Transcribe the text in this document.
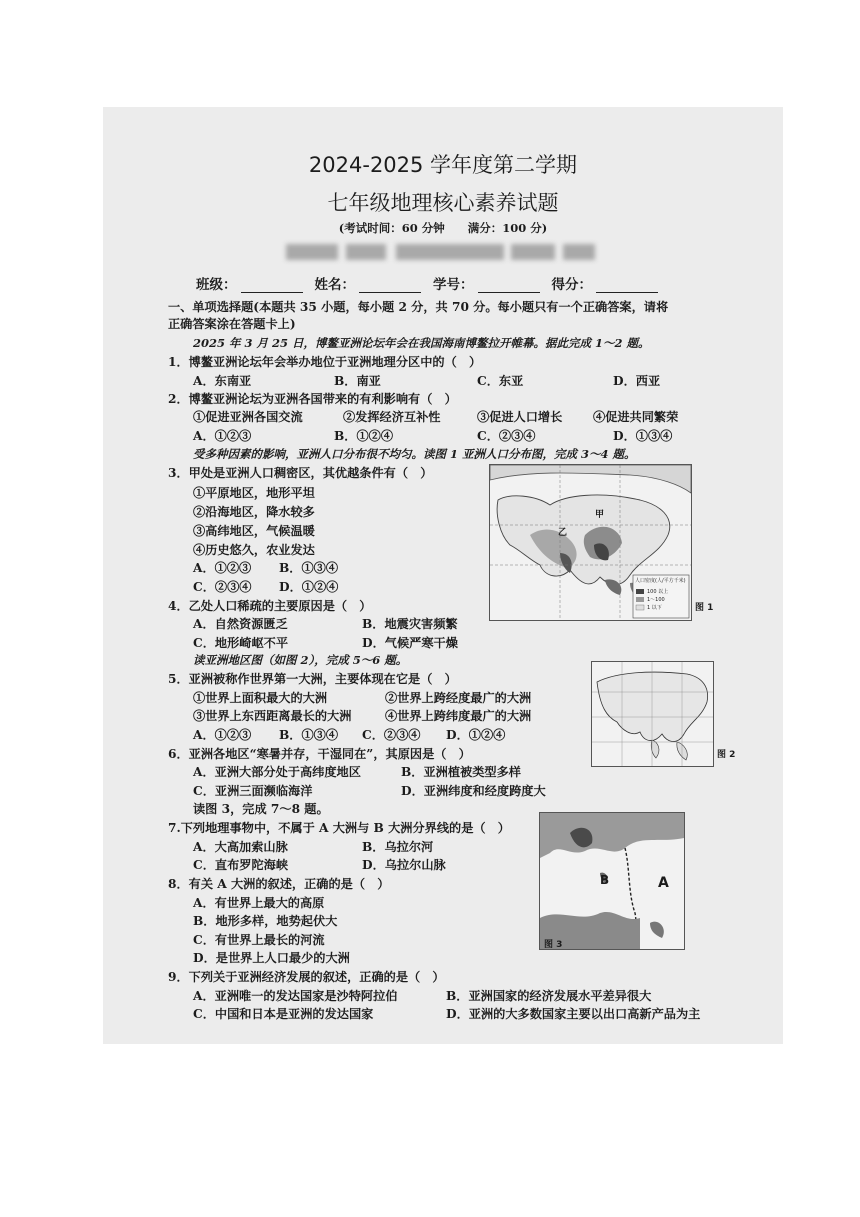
2024-2025 学年度第二学期
七年级地理核心素养试题
(考试时间：60 分钟　　满分：100 分)
班级：	姓名：	学号：	得分：
一、单项选择题(本题共 35 小题，每小题 2 分，共 70 分。每小题只有一个正确答案，请将
正确答案涂在答题卡上)
2025 年 3 月 25 日，博鳌亚洲论坛年会在我国海南博鳌拉开帷幕。据此完成 1～2 题。
1．博鳌亚洲论坛年会举办地位于亚洲地理分区中的（　）
A．东南亚	B．南亚	C．东亚	D．西亚
2．博鳌亚洲论坛为亚洲各国带来的有利影响有（　）
①促进亚洲各国交流	②发挥经济互补性	③促进人口增长	④促进共同繁荣
A．①②③	B．①②④	C．②③④	D．①③④
受多种因素的影响，亚洲人口分布很不均匀。读图 1 亚洲人口分布图，完成 3～4 题。
3．甲处是亚洲人口稠密区，其优越条件有（　）
①平原地区，地形平坦
②沿海地区，降水较多
③高纬地区，气候温暖
④历史悠久，农业发达
A．①②③ B．①③④
C．②③④ D．①②④
4．乙处人口稀疏的主要原因是（　）
A．自然资源匮乏	B．地震灾害频繁
C．地形崎岖不平	D．气候严寒干燥
读亚洲地区图（如图 2），完成 5～6 题。
5．亚洲被称作世界第一大洲，主要体现在它是（　）
①世界上面积最大的大洲	②世界上跨经度最广的大洲
③世界上东西距离最长的大洲	④世界上跨纬度最广的大洲
A．①②③ B．①③④ C．②③④ D．①②④
6．亚洲各地区“寒暑并存，干湿同在”，其原因是（　）
A．亚洲大部分处于高纬度地区	B．亚洲植被类型多样
C．亚洲三面濒临海洋	D．亚洲纬度和经度跨度大
读图 3，完成 7～8 题。
7.下列地理事物中，不属于 A 大洲与 B 大洲分界线的是（　）
A．大高加索山脉	B．乌拉尔河
C．直布罗陀海峡	D．乌拉尔山脉
8．有关 A 大洲的叙述，正确的是（　）
A．有世界上最大的高原
B．地形多样，地势起伏大
C．有世界上最长的河流
D．是世界上人口最少的大洲
9．下列关于亚洲经济发展的叙述，正确的是（　）
A．亚洲唯一的发达国家是沙特阿拉伯	B．亚洲国家的经济发展水平差异很大
C．中国和日本是亚洲的发达国家	D．亚洲的大多数国家主要以出口高新产品为主
甲
乙
人口密度(人/平方千米)
100 以上
1～100
1 以下	图 1
图 2
B	A
图 3
